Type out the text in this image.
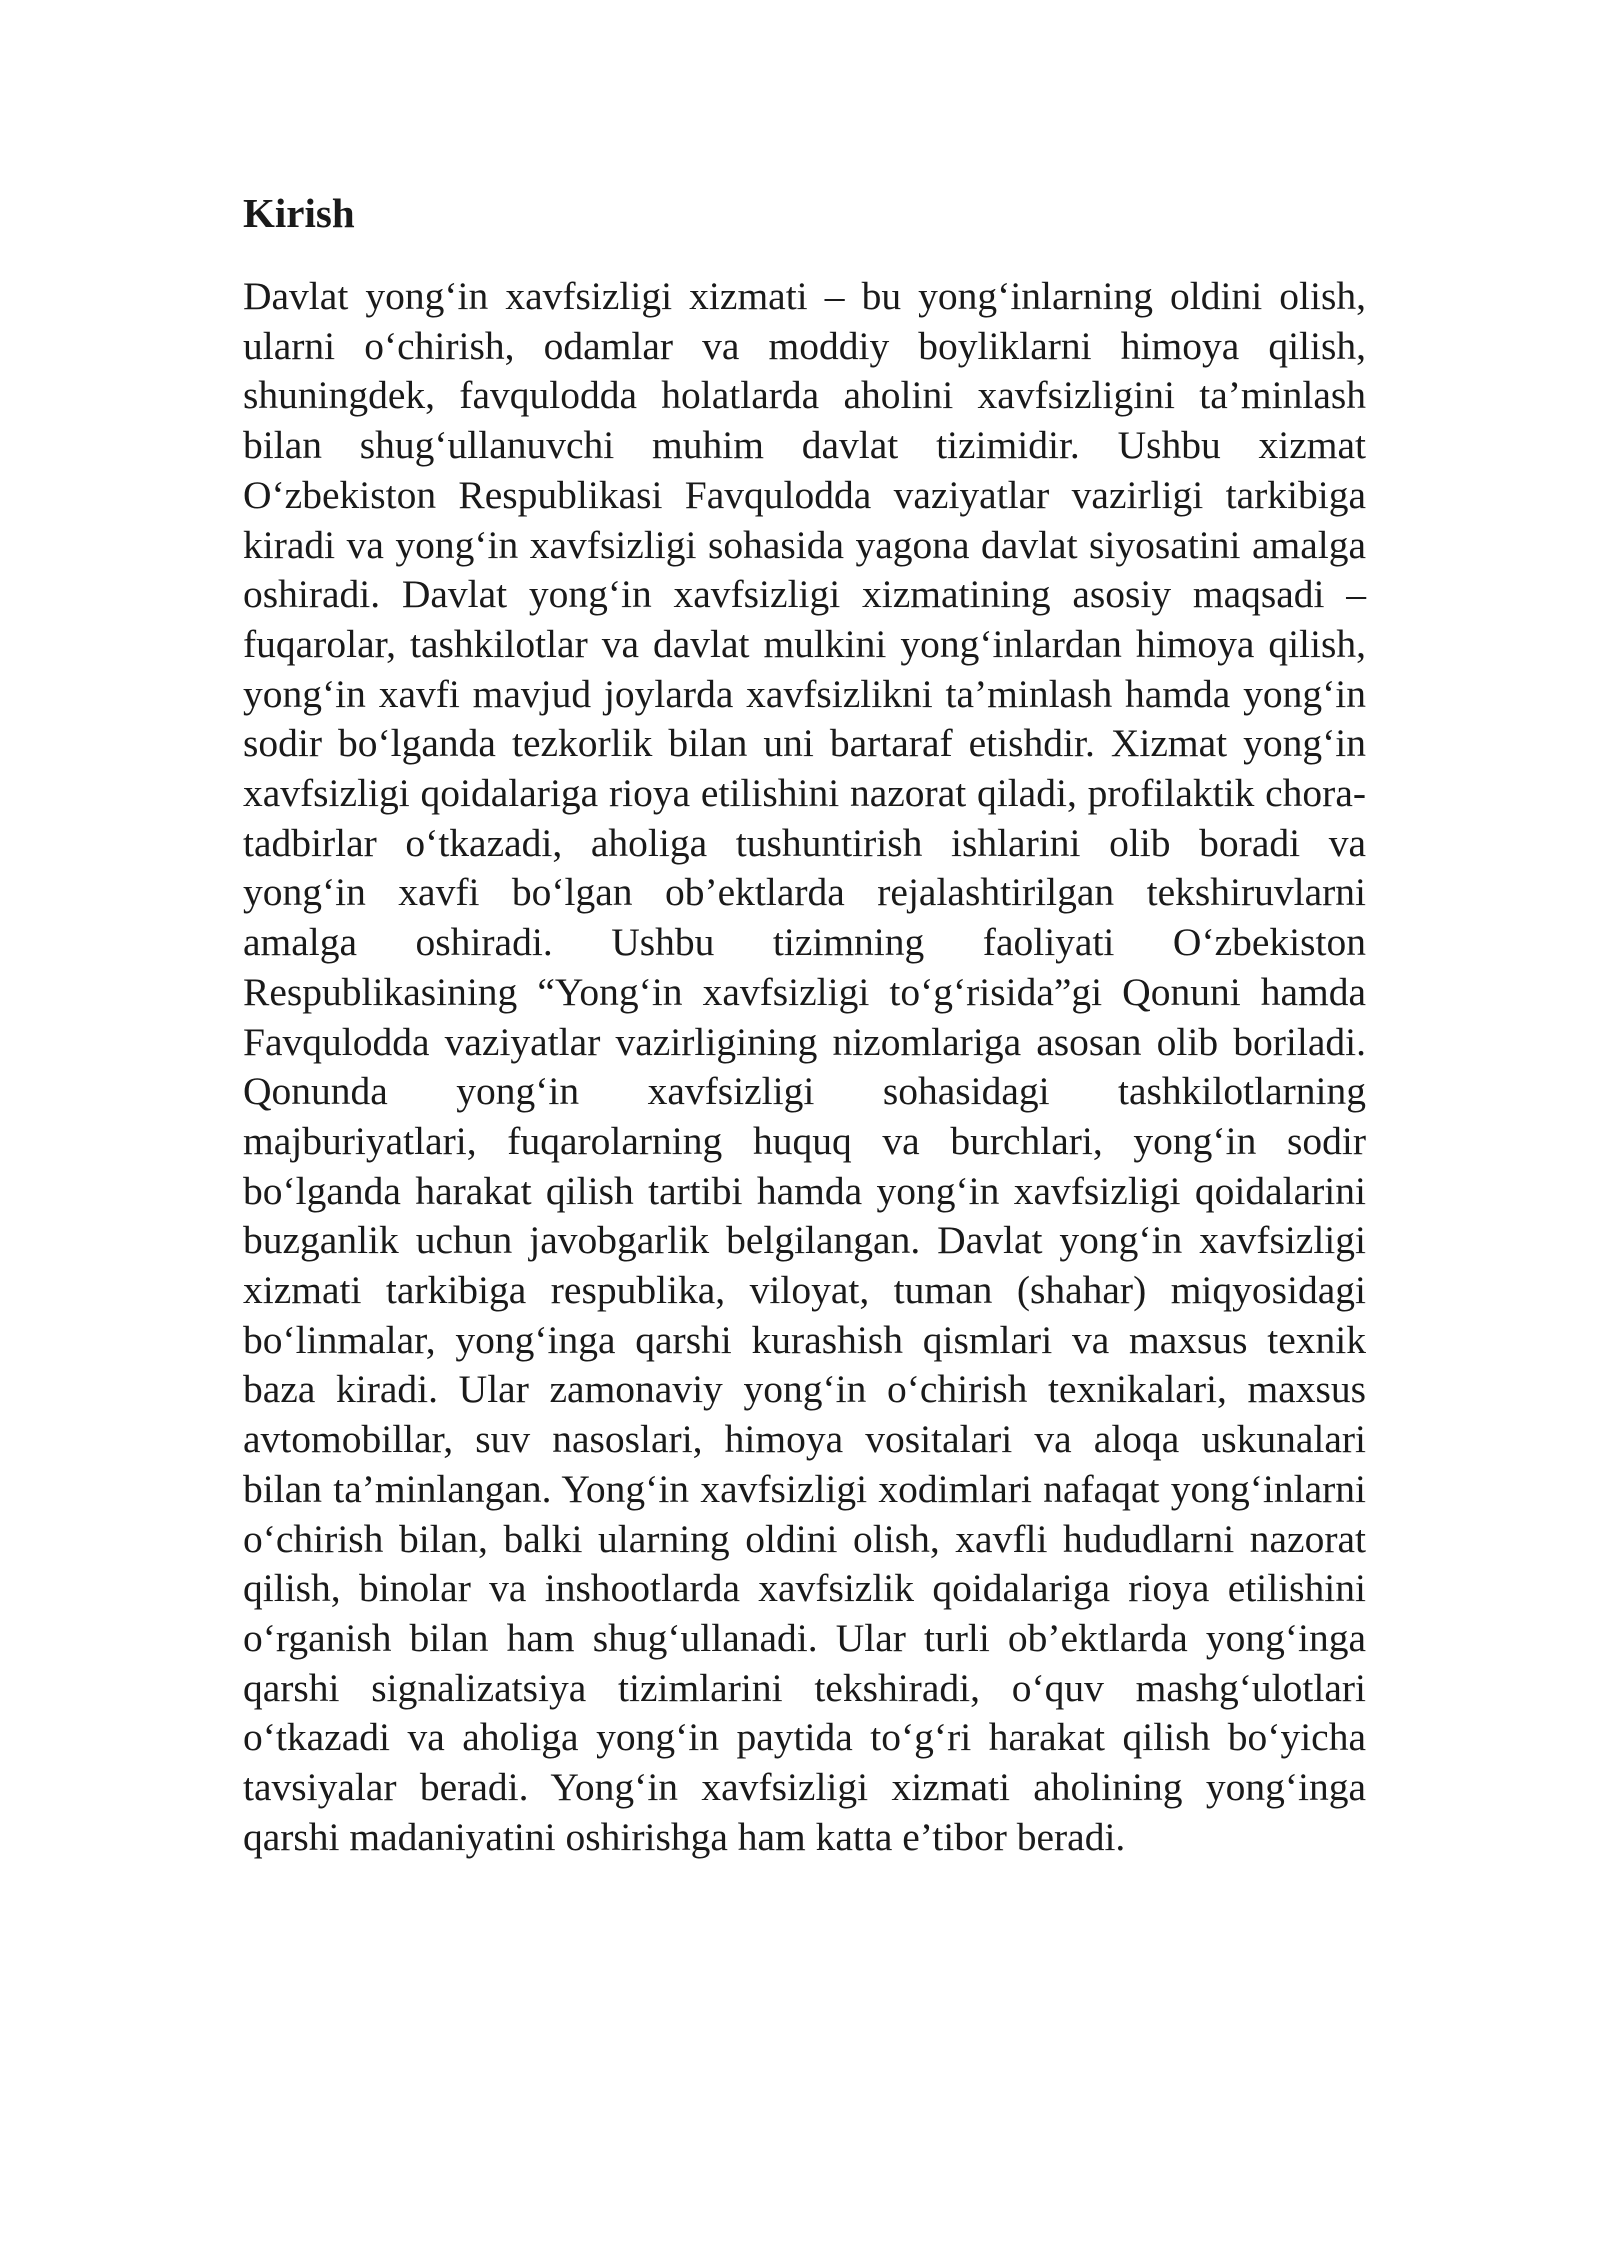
Kirish

Davlat yong‘in xavfsizligi xizmati – bu yong‘inlarning oldini olish, ularni o‘chirish, odamlar va moddiy boyliklarni himoya qilish, shuningdek, favqulodda holatlarda aholini xavfsizligini ta’minlash bilan shug‘ullanuvchi muhim davlat tizimidir. Ushbu xizmat O‘zbekiston Respublikasi Favqulodda vaziyatlar vazirligi tarkibiga kiradi va yong‘in xavfsizligi sohasida yagona davlat siyosatini amalga oshiradi. Davlat yong‘in xavfsizligi xizmatining asosiy maqsadi – fuqarolar, tashkilotlar va davlat mulkini yong‘inlardan himoya qilish, yong‘in xavfi mavjud joylarda xavfsizlikni ta’minlash hamda yong‘in sodir bo‘lganda tezkorlik bilan uni bartaraf etishdir. Xizmat yong‘in xavfsizligi qoidalariga rioya etilishini nazorat qiladi, profilaktik chora-tadbirlar o‘tkazadi, aholiga tushuntirish ishlarini olib boradi va yong‘in xavfi bo‘lgan ob’ektlarda rejalashtirilgan tekshiruvlarni amalga oshiradi. Ushbu tizimning faoliyati O‘zbekiston Respublikasining “Yong‘in xavfsizligi to‘g‘risida”gi Qonuni hamda Favqulodda vaziyatlar vazirligining nizomlariga asosan olib boriladi. Qonunda yong‘in xavfsizligi sohasidagi tashkilotlarning majburiyatlari, fuqarolarning huquq va burchlari, yong‘in sodir bo‘lganda harakat qilish tartibi hamda yong‘in xavfsizligi qoidalarini buzganlik uchun javobgarlik belgilangan. Davlat yong‘in xavfsizligi xizmati tarkibiga respublika, viloyat, tuman (shahar) miqyosidagi bo‘linmalar, yong‘inga qarshi kurashish qismlari va maxsus texnik baza kiradi. Ular zamonaviy yong‘in o‘chirish texnikalari, maxsus avtomobillar, suv nasoslari, himoya vositalari va aloqa uskunalari bilan ta’minlangan. Yong‘in xavfsizligi xodimlari nafaqat yong‘inlarni o‘chirish bilan, balki ularning oldini olish, xavfli hududlarni nazorat qilish, binolar va inshootlarda xavfsizlik qoidalariga rioya etilishini o‘rganish bilan ham shug‘ullanadi. Ular turli ob’ektlarda yong‘inga qarshi signalizatsiya tizimlarini tekshiradi, o‘quv mashg‘ulotlari o‘tkazadi va aholiga yong‘in paytida to‘g‘ri harakat qilish bo‘yicha tavsiyalar beradi. Yong‘in xavfsizligi xizmati aholining yong‘inga qarshi madaniyatini oshirishga ham katta e’tibor beradi.
